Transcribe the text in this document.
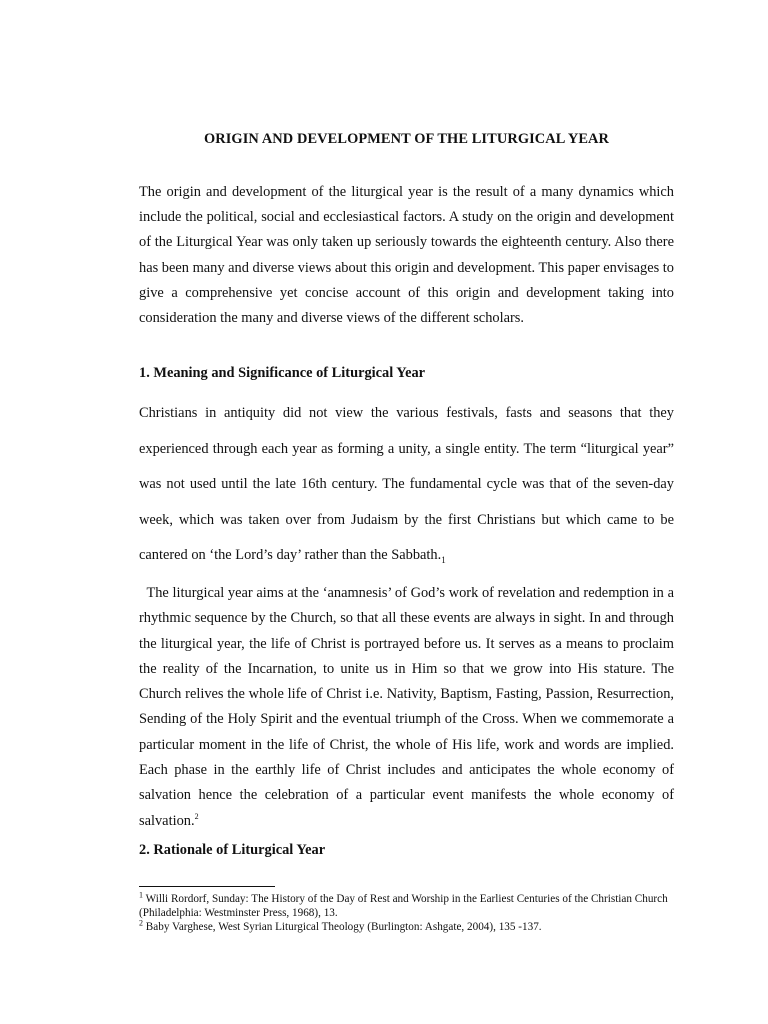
ORIGIN AND DEVELOPMENT OF THE LITURGICAL YEAR

The origin and development of the liturgical year is the result of a many dynamics which include the political, social and ecclesiastical factors. A study on the origin and development of the Liturgical Year was only taken up seriously towards the eighteenth century. Also there has been many and diverse views about this origin and development. This paper envisages to give a comprehensive yet concise account of this origin and development taking into consideration the many and diverse views of the different scholars.

1. Meaning and Significance of Liturgical Year

Christians in antiquity did not view the various festivals, fasts and seasons that they experienced through each year as forming a unity, a single entity. The term “liturgical year” was not used until the late 16th century. The fundamental cycle was that of the seven-day week, which was taken over from Judaism by the first Christians but which came to be cantered on ‘the Lord’s day’ rather than the $Sabbath._1$

The liturgical year aims at the ‘anamnesis’ of God’s work of revelation and redemption in a rhythmic sequence by the Church, so that all these events are always in sight. In and through the liturgical year, the life of Christ is portrayed before us. It serves as a means to proclaim the reality of the Incarnation, to unite us in Him so that we grow into His stature. The Church relives the whole life of Christ i.e. Nativity, Baptism, Fasting, Passion, Resurrection, Sending of the Holy Spirit and the eventual triumph of the Cross. When we commemorate a particular moment in the life of Christ, the whole of His life, work and words are implied. Each phase in the earthly life of Christ includes and anticipates the whole economy of salvation hence the celebration of a particular event manifests the whole economy of salvation.$^2$

2. Rationale of Liturgical Year

$^1$ Willi Rordorf, Sunday: The History of the Day of Rest and Worship in the Earliest Centuries of the Christian Church (Philadelphia: Westminster Press, 1968), 13.

$^2$ Baby Varghese, West Syrian Liturgical Theology (Burlington: Ashgate, 2004), 135 -137.
